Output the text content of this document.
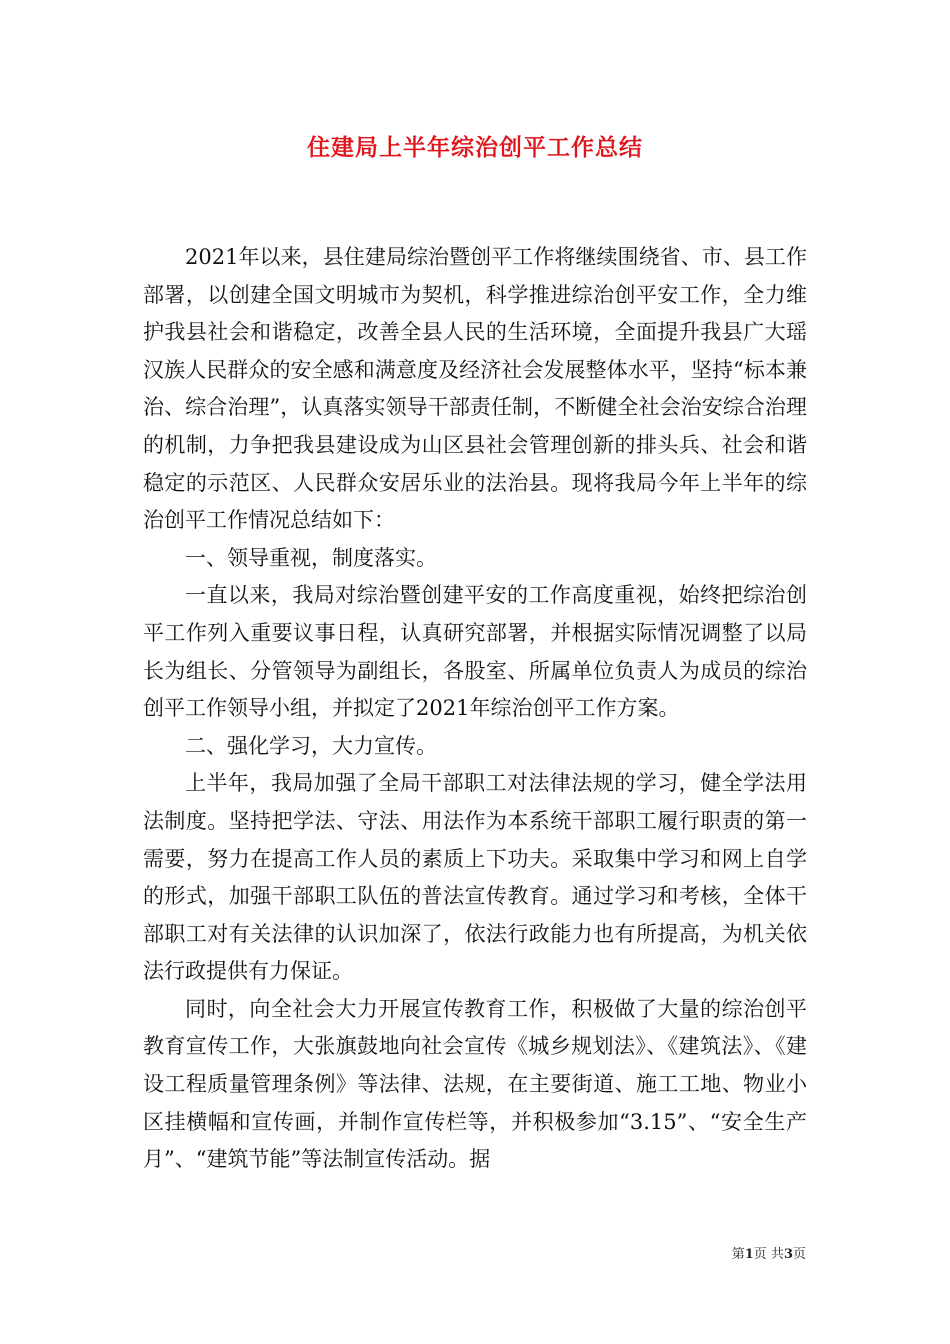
住建局上半年综治创平工作总结

2021年以来，县住建局综治暨创平工作将继续围绕省、市、县工作部署，以创建全国文明城市为契机，科学推进综治创平安工作，全力维护我县社会和谐稳定，改善全县人民的生活环境，全面提升我县广大瑶汉族人民群众的安全感和满意度及经济社会发展整体水平，坚持“标本兼治、综合治理”，认真落实领导干部责任制，不断健全社会治安综合治理的机制，力争把我县建设成为山区县社会管理创新的排头兵、社会和谐稳定的示范区、人民群众安居乐业的法治县。现将我局今年上半年的综治创平工作情况总结如下：

一、领导重视，制度落实。

一直以来，我局对综治暨创建平安的工作高度重视，始终把综治创平工作列入重要议事日程，认真研究部署，并根据实际情况调整了以局长为组长、分管领导为副组长，各股室、所属单位负责人为成员的综治创平工作领导小组，并拟定了2021年综治创平工作方案。

二、强化学习，大力宣传。

上半年，我局加强了全局干部职工对法律法规的学习，健全学法用法制度。坚持把学法、守法、用法作为本系统干部职工履行职责的第一需要，努力在提高工作人员的素质上下功夫。采取集中学习和网上自学的形式，加强干部职工队伍的普法宣传教育。通过学习和考核，全体干部职工对有关法律的认识加深了，依法行政能力也有所提高，为机关依法行政提供有力保证。

同时，向全社会大力开展宣传教育工作，积极做了大量的综治创平教育宣传工作，大张旗鼓地向社会宣传《城乡规划法》、《建筑法》、《建设工程质量管理条例》等法律、法规，在主要街道、施工工地、物业小区挂横幅和宣传画，并制作宣传栏等，并积极参加“3.15”、“安全生产月”、“建筑节能”等法制宣传活动。据

第1页 共3页
